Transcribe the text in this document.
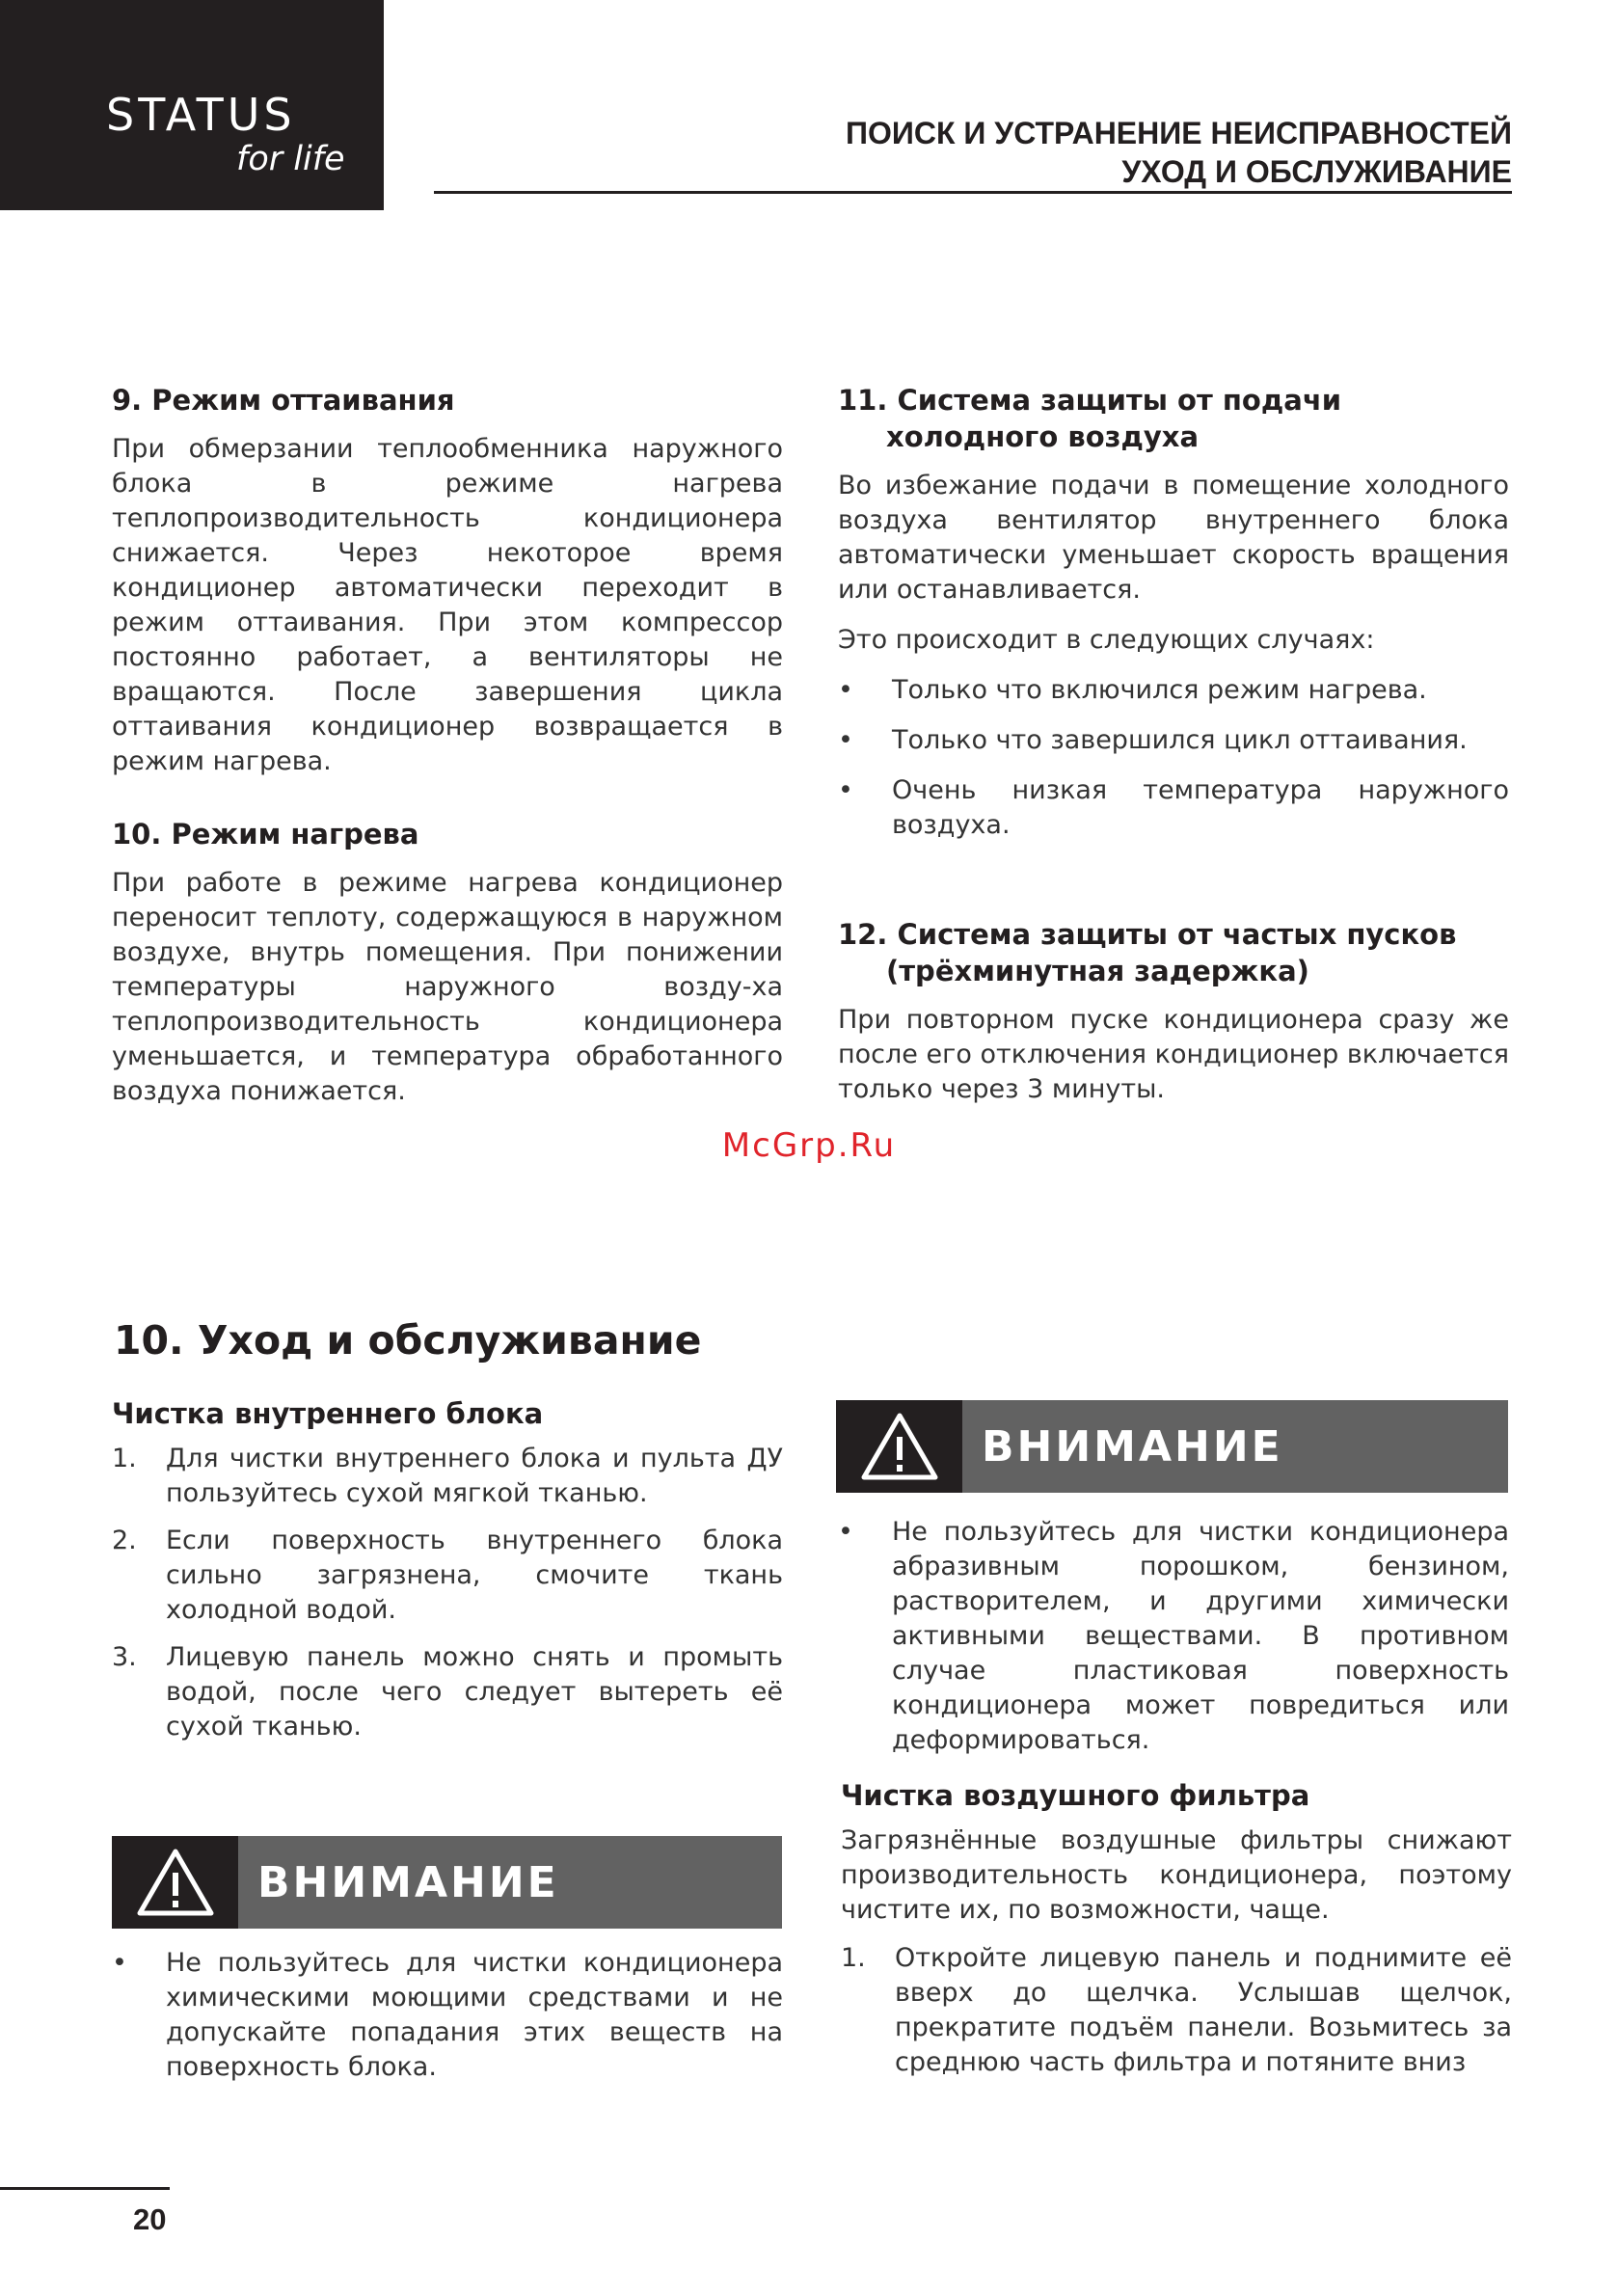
STATUS
for life
ПОИСК И УСТРАНЕНИЕ НЕИСПРАВНОСТЕЙ
УХОД И ОБСЛУЖИВАНИЕ
9. Режим оттаивания

При обмерзании теплообменника наружного блока в режиме нагрева теплопроизводительность кондиционера снижается. Через некоторое время кондиционер автоматически переходит в режим оттаивания. При этом компрессор постоянно работает, а вентиляторы не вращаются. После завершения цикла оттаивания кондиционер возвращается в режим нагрева.

10. Режим нагрева

При работе в режиме нагрева кондиционер переносит теплоту, содержащуюся в наружном воздухе, внутрь помещения. При понижении температуры наружного возду-ха теплопроизводительность кондиционера уменьшается, и температура обработанного воздуха понижается.

11. Система защиты от подачи
холодного воздуха

Во избежание подачи в помещение холодного воздуха вентилятор внутреннего блока автоматически уменьшает скорость вращения или останавливается.

Это происходит в следующих случаях:

• Только что включился режим нагрева.
• Только что завершился цикл оттаивания.
• Очень низкая температура наружного воздуха.
12. Система защиты от частых пусков
(трёхминутная задержка)

При повторном пуске кондиционера сразу же после его отключения кондиционер включается только через 3 минуты.

McGrp.Ru
10. Уход и обслуживание
Чистка внутреннего блока
1. Для чистки внутреннего блока и пульта ДУ пользуйтесь сухой мягкой тканью.
2. Если поверхность внутреннего блока сильно загрязнена, смочите ткань холодной водой.
3. Лицевую панель можно снять и промыть водой, после чего следует вытереть её сухой тканью.
ВНИМАНИЕ
• Не пользуйтесь для чистки кондиционера химическими моющими средствами и не допускайте попадания этих веществ на поверхность блока.
ВНИМАНИЕ
• Не пользуйтесь для чистки кондиционера абразивным порошком, бензином, растворителем, и другими химически активными веществами. В противном случае пластиковая поверхность кондиционера может повредиться или деформироваться.
Чистка воздушного фильтра

Загрязнённые воздушные фильтры снижают производительность кондиционера, поэтому чистите их, по возможности, чаще.

1. Откройте лицевую панель и поднимите её вверх до щелчка. Услышав щелчок, прекратите подъём панели. Возьмитесь за среднюю часть фильтра и потяните вниз
20
